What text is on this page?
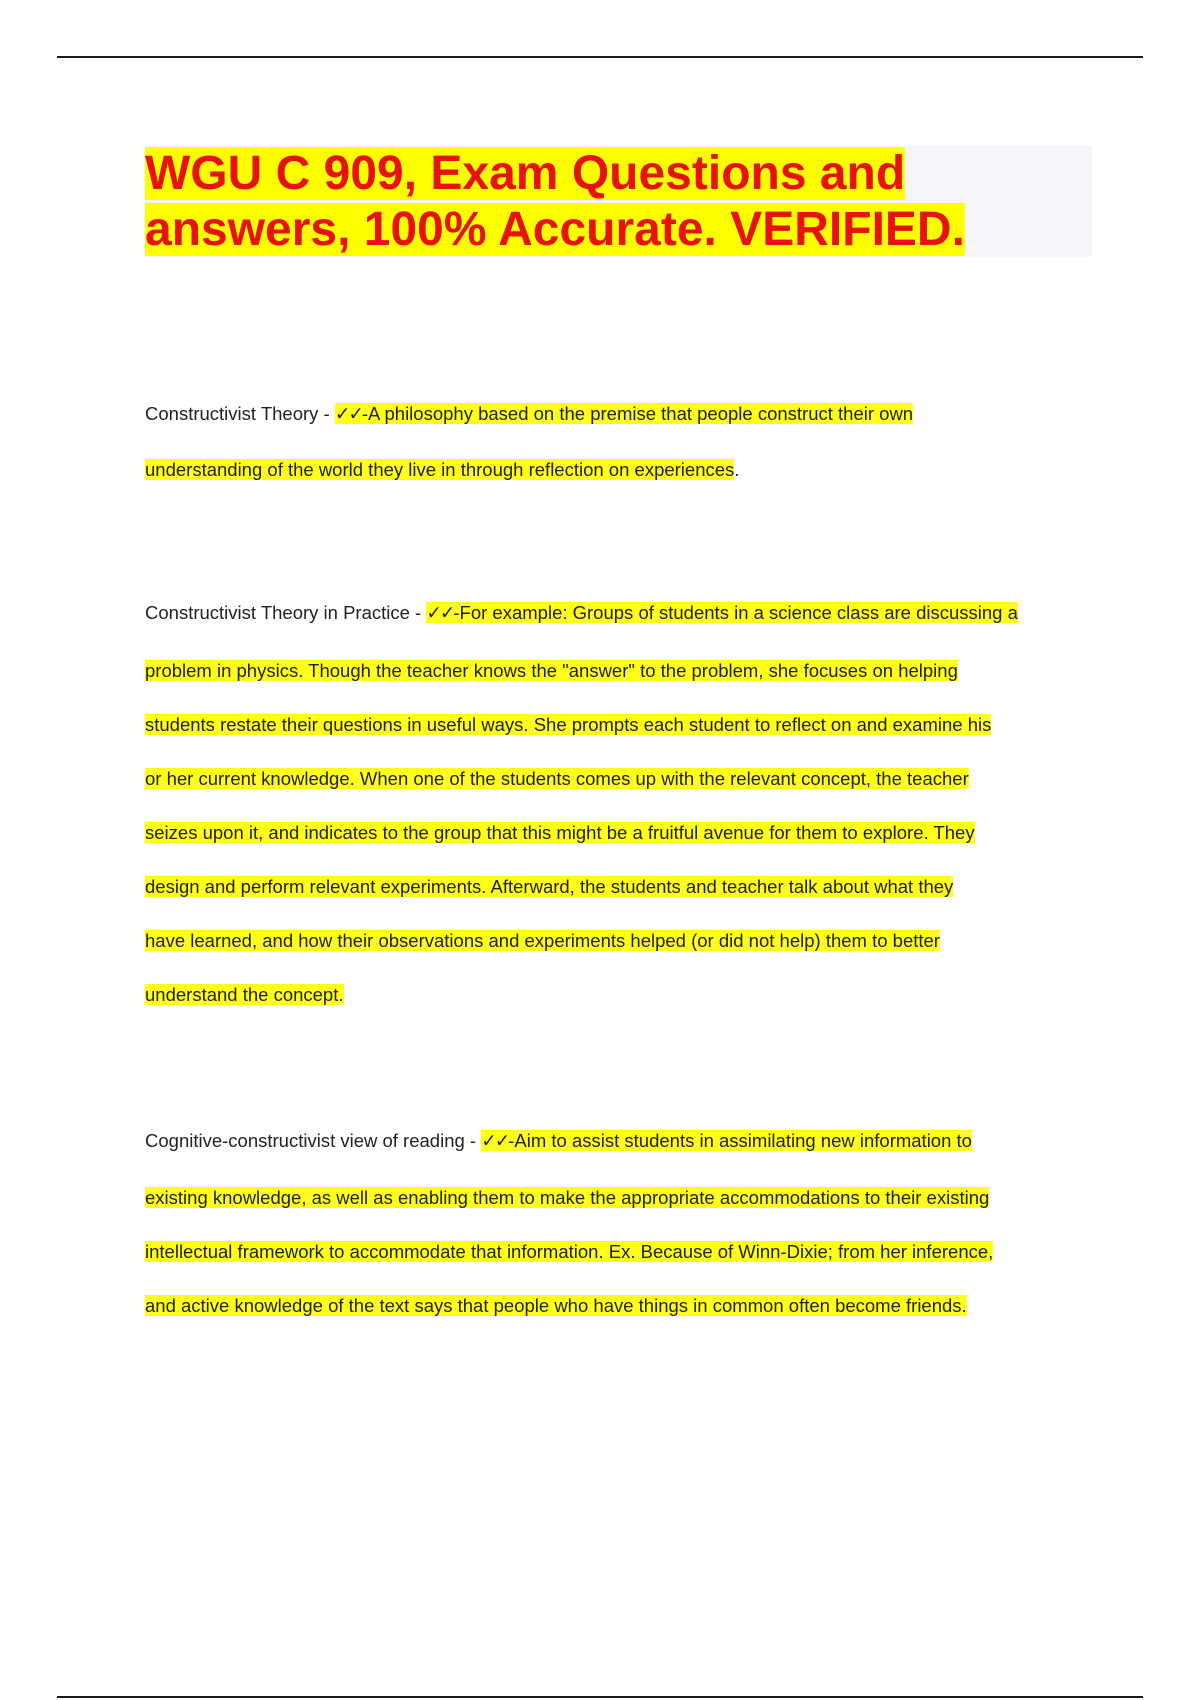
WGU C 909, Exam Questions and
answers, 100% Accurate. VERIFIED.
Constructivist Theory - ✓✓-A philosophy based on the premise that people construct their own
understanding of the world they live in through reflection on experiences.
Constructivist Theory in Practice - ✓✓-For example: Groups of students in a science class are discussing a
problem in physics. Though the teacher knows the "answer" to the problem, she focuses on helping
students restate their questions in useful ways. She prompts each student to reflect on and examine his
or her current knowledge. When one of the students comes up with the relevant concept, the teacher
seizes upon it, and indicates to the group that this might be a fruitful avenue for them to explore. They
design and perform relevant experiments. Afterward, the students and teacher talk about what they
have learned, and how their observations and experiments helped (or did not help) them to better
understand the concept.
Cognitive-constructivist view of reading - ✓✓-Aim to assist students in assimilating new information to
existing knowledge, as well as enabling them to make the appropriate accommodations to their existing
intellectual framework to accommodate that information. Ex. Because of Winn-Dixie; from her inference,
and active knowledge of the text says that people who have things in common often become friends.
